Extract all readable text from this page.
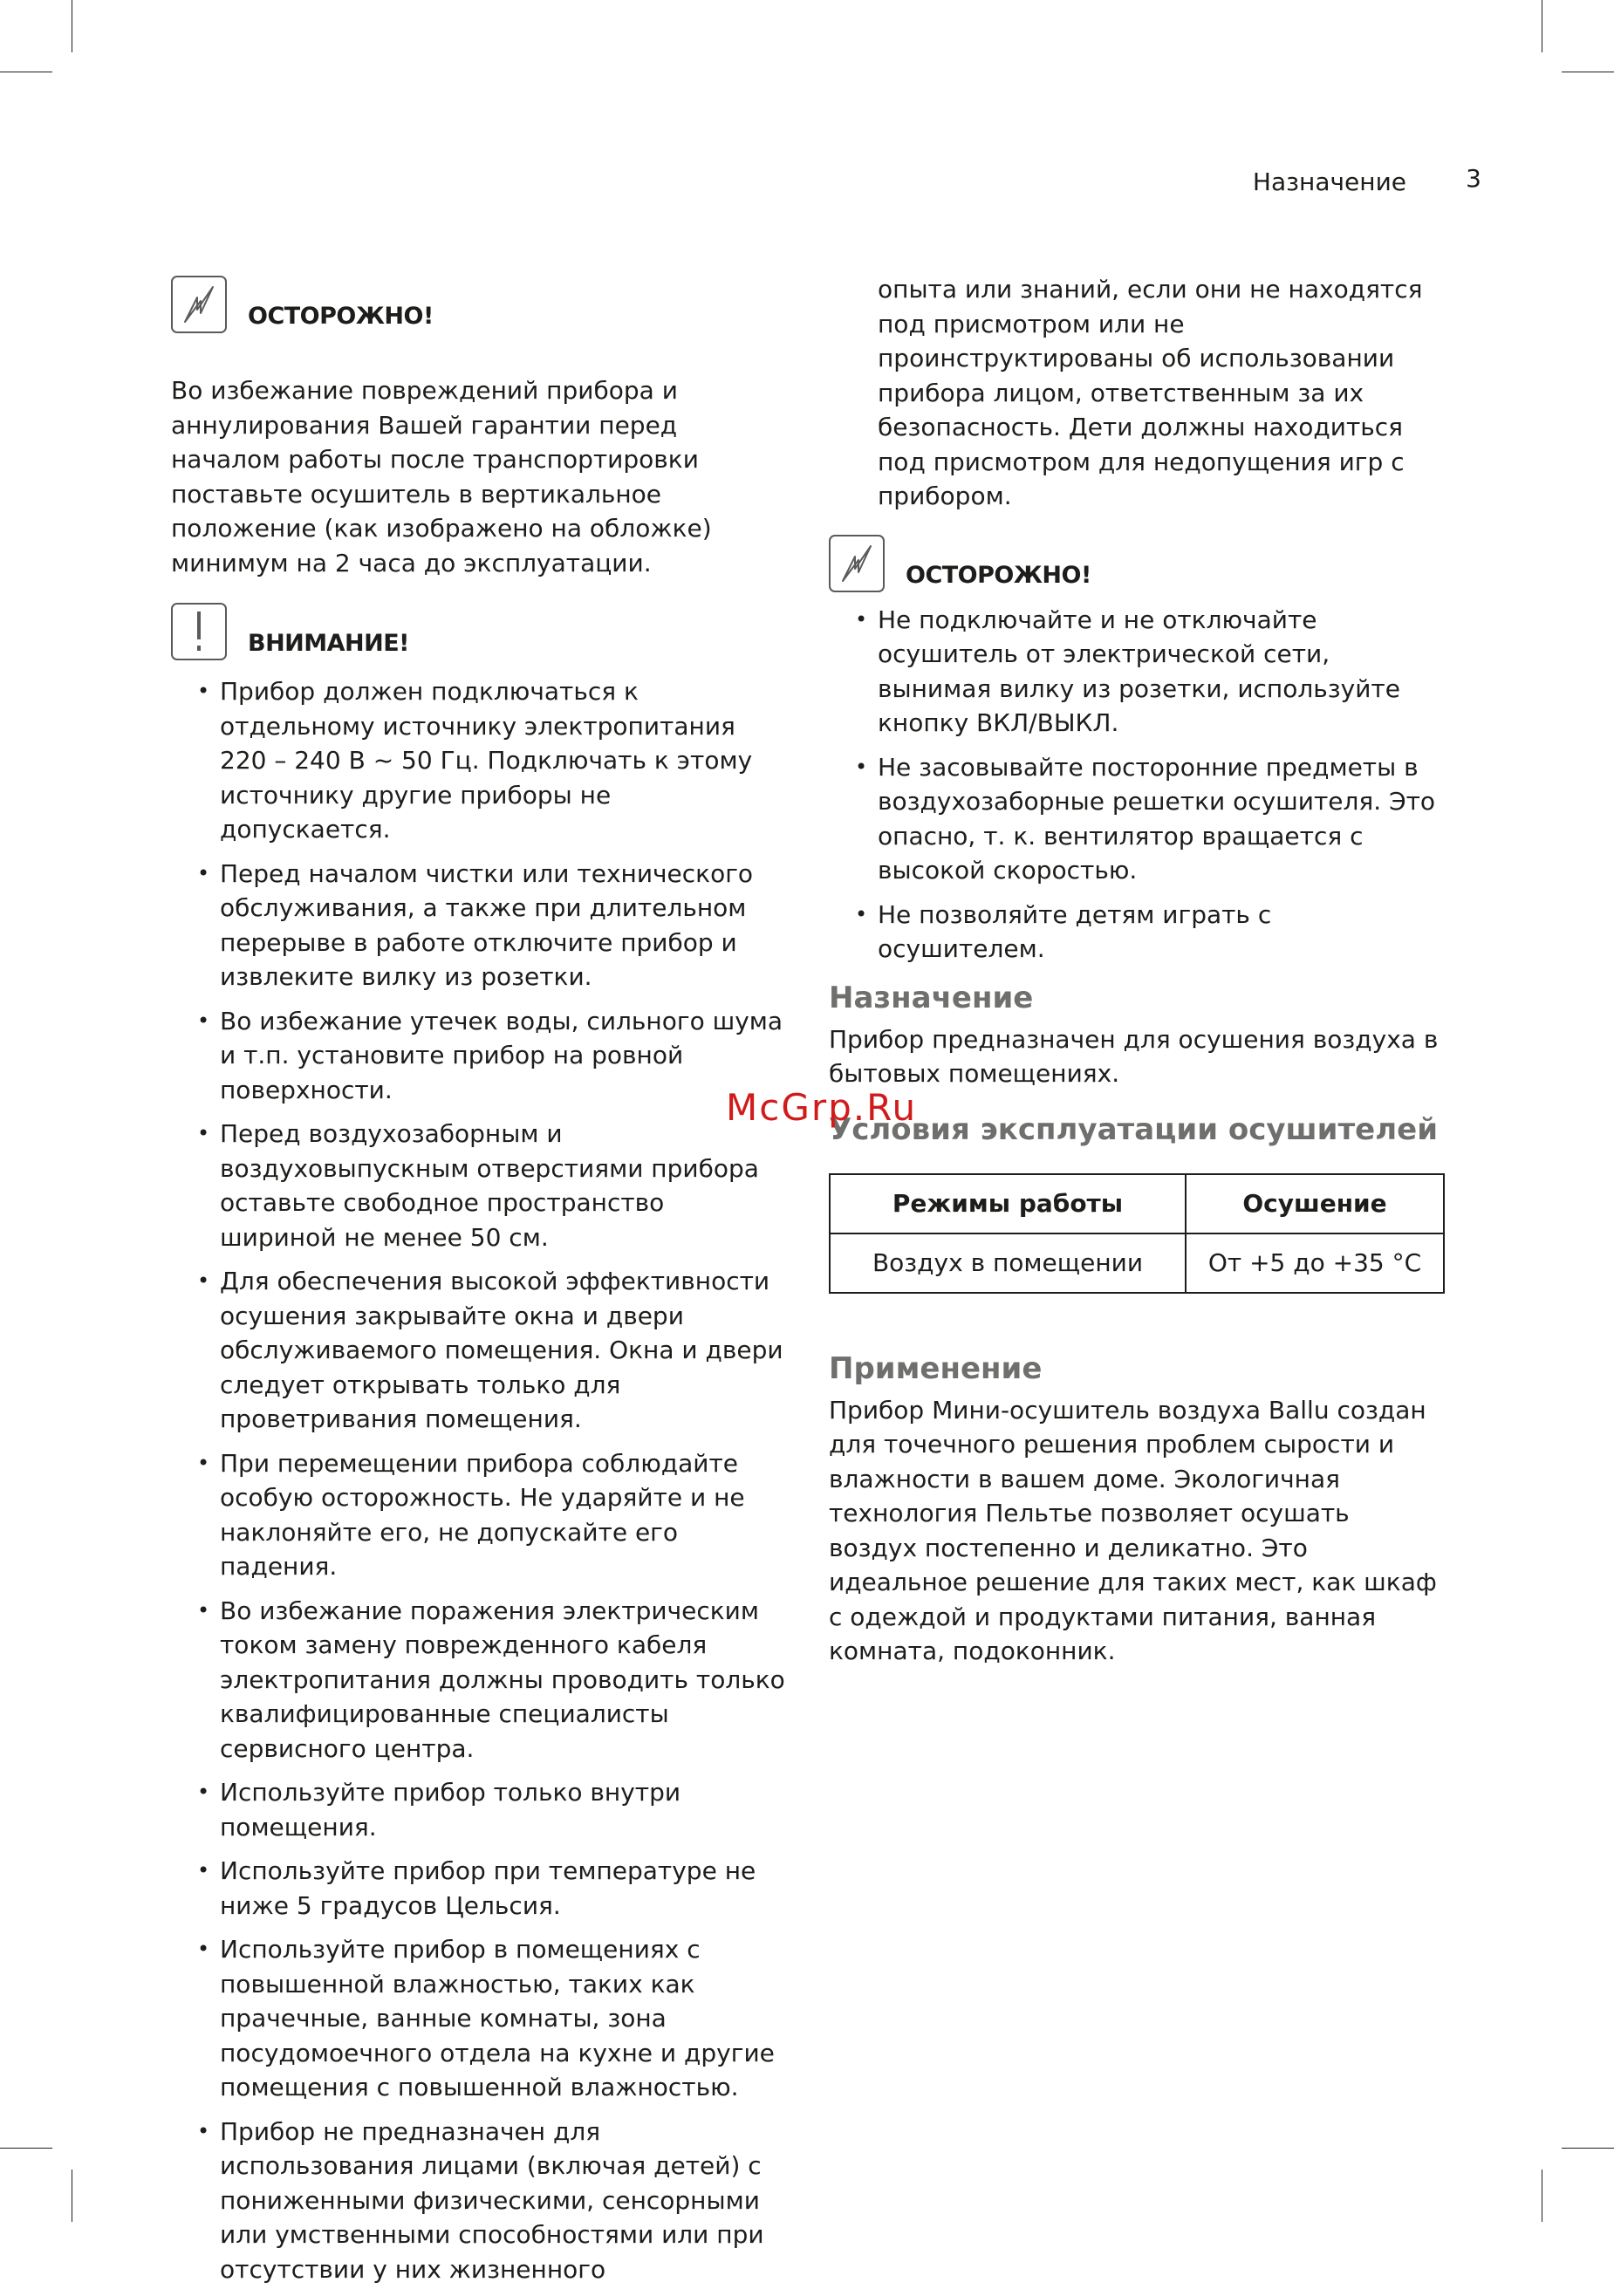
Назначение 3
ОСТОРОЖНО!
Во избежание повреждений прибора и аннулирования Вашей гарантии перед началом работы после транспортировки поставьте осушитель в вертикальное положение (как изображено на обложке) минимум на 2 часа до эксплуатации.
ВНИМАНИЕ!
• Прибор должен подключаться к отдельному источнику электропитания 220 – 240 В ~ 50 Гц. Подключать к этому источнику другие приборы не допускается.
• Перед началом чистки или технического обслуживания, а также при длительном перерыве в работе отключите прибор и извлеките вилку из розетки.
• Во избежание утечек воды, сильного шума и т.п. установите прибор на ровной поверхности.
• Перед воздухозаборным и воздуховыпускным отверстиями прибора оставьте свободное пространство шириной не менее 50 см.
• Для обеспечения высокой эффективности осушения закрывайте окна и двери обслуживаемого помещения. Окна и двери следует открывать только для проветривания помещения.
• При перемещении прибора соблюдайте особую осторожность. Не ударяйте и не наклоняйте его, не допускайте его падения.
• Во избежание поражения электрическим током замену поврежденного кабеля электропитания должны проводить только квалифицированные специалисты сервисного центра.
• Используйте прибор только внутри помещения.
• Используйте прибор при температуре не ниже 5 градусов Цельсия.
• Используйте прибор в помещениях с повышенной влажностью, таких как прачечные, ванные комнаты, зона посудомоечного отдела на кухне и другие помещения с повышенной влажностью.
• Прибор не предназначен для использования лицами (включая детей) с пониженными физическими, сенсорными или умственными способностями или при отсутствии у них жизненного
опыта или знаний, если они не находятся под присмотром или не проинструктированы об использовании прибора лицом, ответственным за их безопасность. Дети должны находиться под присмотром для недопущения игр с прибором.
ОСТОРОЖНО!
• Не подключайте и не отключайте осушитель от электрической сети, вынимая вилку из розетки, используйте кнопку ВКЛ/ВЫКЛ.
• Не засовывайте посторонние предметы в воздухозаборные решетки осушителя. Это опасно, т. к. вентилятор вращается с высокой скоростью.
• Не позволяйте детям играть с осушителем.
Назначение
Прибор предназначен для осушения воздуха в бытовых помещениях.
Условия эксплуатации осушителей
Режимы работы	Осушение
Воздух в помещении	От +5 до +35 °С
Применение
Прибор Мини-осушитель воздуха Ballu создан для точечного решения проблем сырости и влажности в вашем доме. Экологичная технология Пельтье позволяет осушать воздух постепенно и деликатно. Это идеальное решение для таких мест, как шкаф с одеждой и продуктами питания, ванная комната, подоконник.
McGrp.Ru
